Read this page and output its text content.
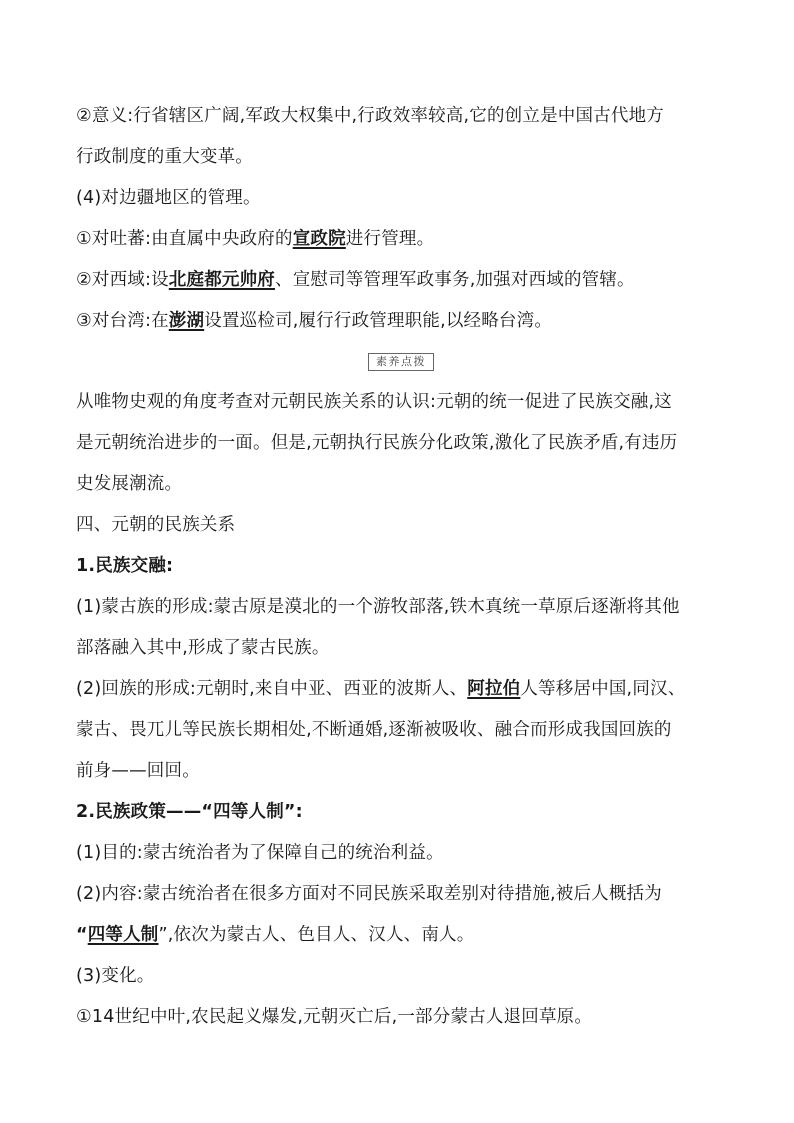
②意义:行省辖区广阔,军政大权集中,行政效率较高,它的创立是中国古代地方
行政制度的重大变革。
(4)对边疆地区的管理。
①对吐蕃:由直属中央政府的宣政院进行管理。
②对西域:设北庭都元帅府、宣慰司等管理军政事务,加强对西域的管辖。
③对台湾:在澎湖设置巡检司,履行行政管理职能,以经略台湾。
素养点拨
从唯物史观的角度考查对元朝民族关系的认识:元朝的统一促进了民族交融,这
是元朝统治进步的一面。但是,元朝执行民族分化政策,激化了民族矛盾,有违历
史发展潮流。
四、元朝的民族关系
1.民族交融:
(1)蒙古族的形成:蒙古原是漠北的一个游牧部落,铁木真统一草原后逐渐将其他
部落融入其中,形成了蒙古民族。
(2)回族的形成:元朝时,来自中亚、西亚的波斯人、阿拉伯人等移居中国,同汉、
蒙古、畏兀儿等民族长期相处,不断通婚,逐渐被吸收、融合而形成我国回族的
前身——回回。
2.民族政策——“四等人制”:
(1)目的:蒙古统治者为了保障自己的统治利益。
(2)内容:蒙古统治者在很多方面对不同民族采取差别对待措施,被后人概括为
“四等人制”,依次为蒙古人、色目人、汉人、南人。
(3)变化。
①14世纪中叶,农民起义爆发,元朝灭亡后,一部分蒙古人退回草原。
